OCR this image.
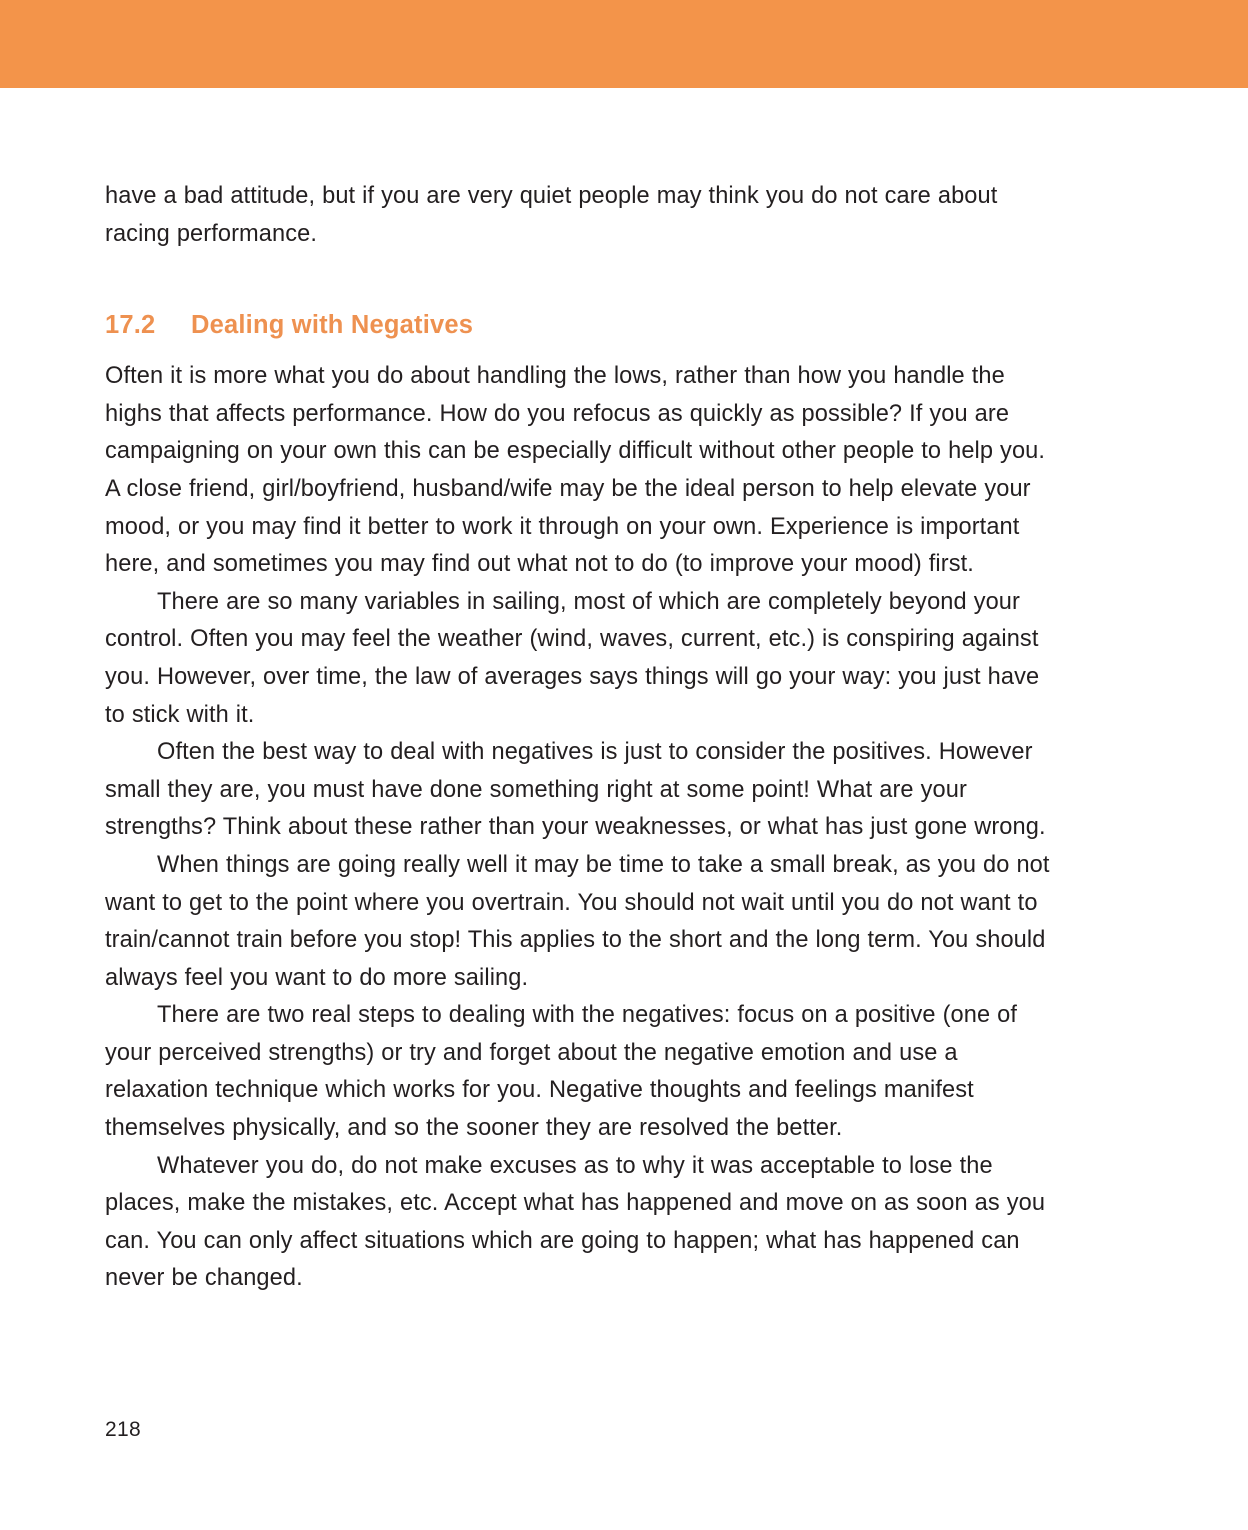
have a bad attitude, but if you are very quiet people may think you do not care about racing performance.

17.2	Dealing with Negatives

Often it is more what you do about handling the lows, rather than how you handle the highs that affects performance. How do you refocus as quickly as possible? If you are campaigning on your own this can be especially difficult without other people to help you. A close friend, girl/boyfriend, husband/wife may be the ideal person to help elevate your mood, or you may find it better to work it through on your own. Experience is important here, and sometimes you may find out what not to do (to improve your mood) first.

There are so many variables in sailing, most of which are completely beyond your control. Often you may feel the weather (wind, waves, current, etc.) is conspiring against you. However, over time, the law of averages says things will go your way: you just have to stick with it.

Often the best way to deal with negatives is just to consider the positives. However small they are, you must have done something right at some point! What are your strengths? Think about these rather than your weaknesses, or what has just gone wrong.

When things are going really well it may be time to take a small break, as you do not want to get to the point where you overtrain. You should not wait until you do not want to train/cannot train before you stop! This applies to the short and the long term. You should always feel you want to do more sailing.

There are two real steps to dealing with the negatives: focus on a positive (one of your perceived strengths) or try and forget about the negative emotion and use a relaxation technique which works for you. Negative thoughts and feelings manifest themselves physically, and so the sooner they are resolved the better.

Whatever you do, do not make excuses as to why it was acceptable to lose the places, make the mistakes, etc. Accept what has happened and move on as soon as you can. You can only affect situations which are going to happen; what has happened can never be changed.

218
